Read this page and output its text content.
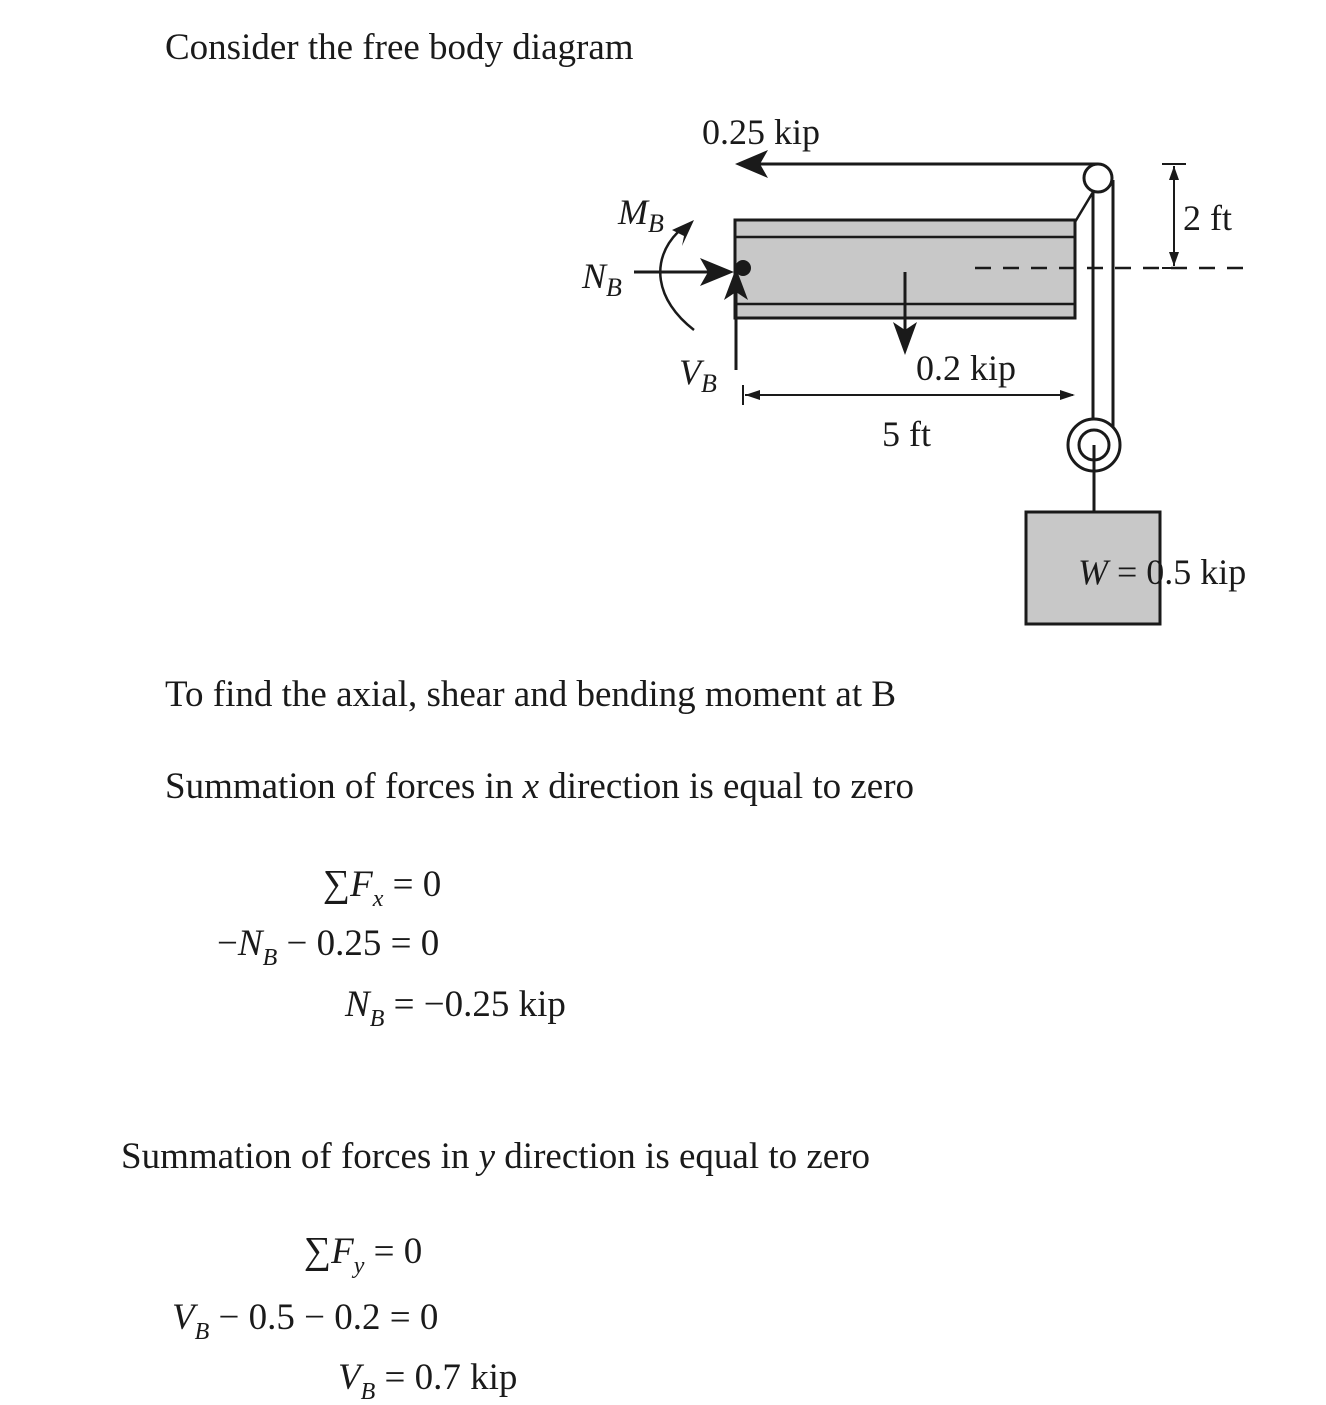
Consider the free body diagram

W = 0.5 kip
0.25 kip
2 ft
$N_B$
$V_B$
$M_B$
0.2 kip
5 ft

To find the axial, shear and bending moment at B

Summation of forces in x direction is equal to zero

$\sum F_x = 0$
$-N_B - 0.25 = 0$
$N_B = -0.25$ kip

Summation of forces in y direction is equal to zero

$\sum F_y = 0$
$V_B - 0.5 - 0.2 = 0$
$V_B = 0.7$ kip
